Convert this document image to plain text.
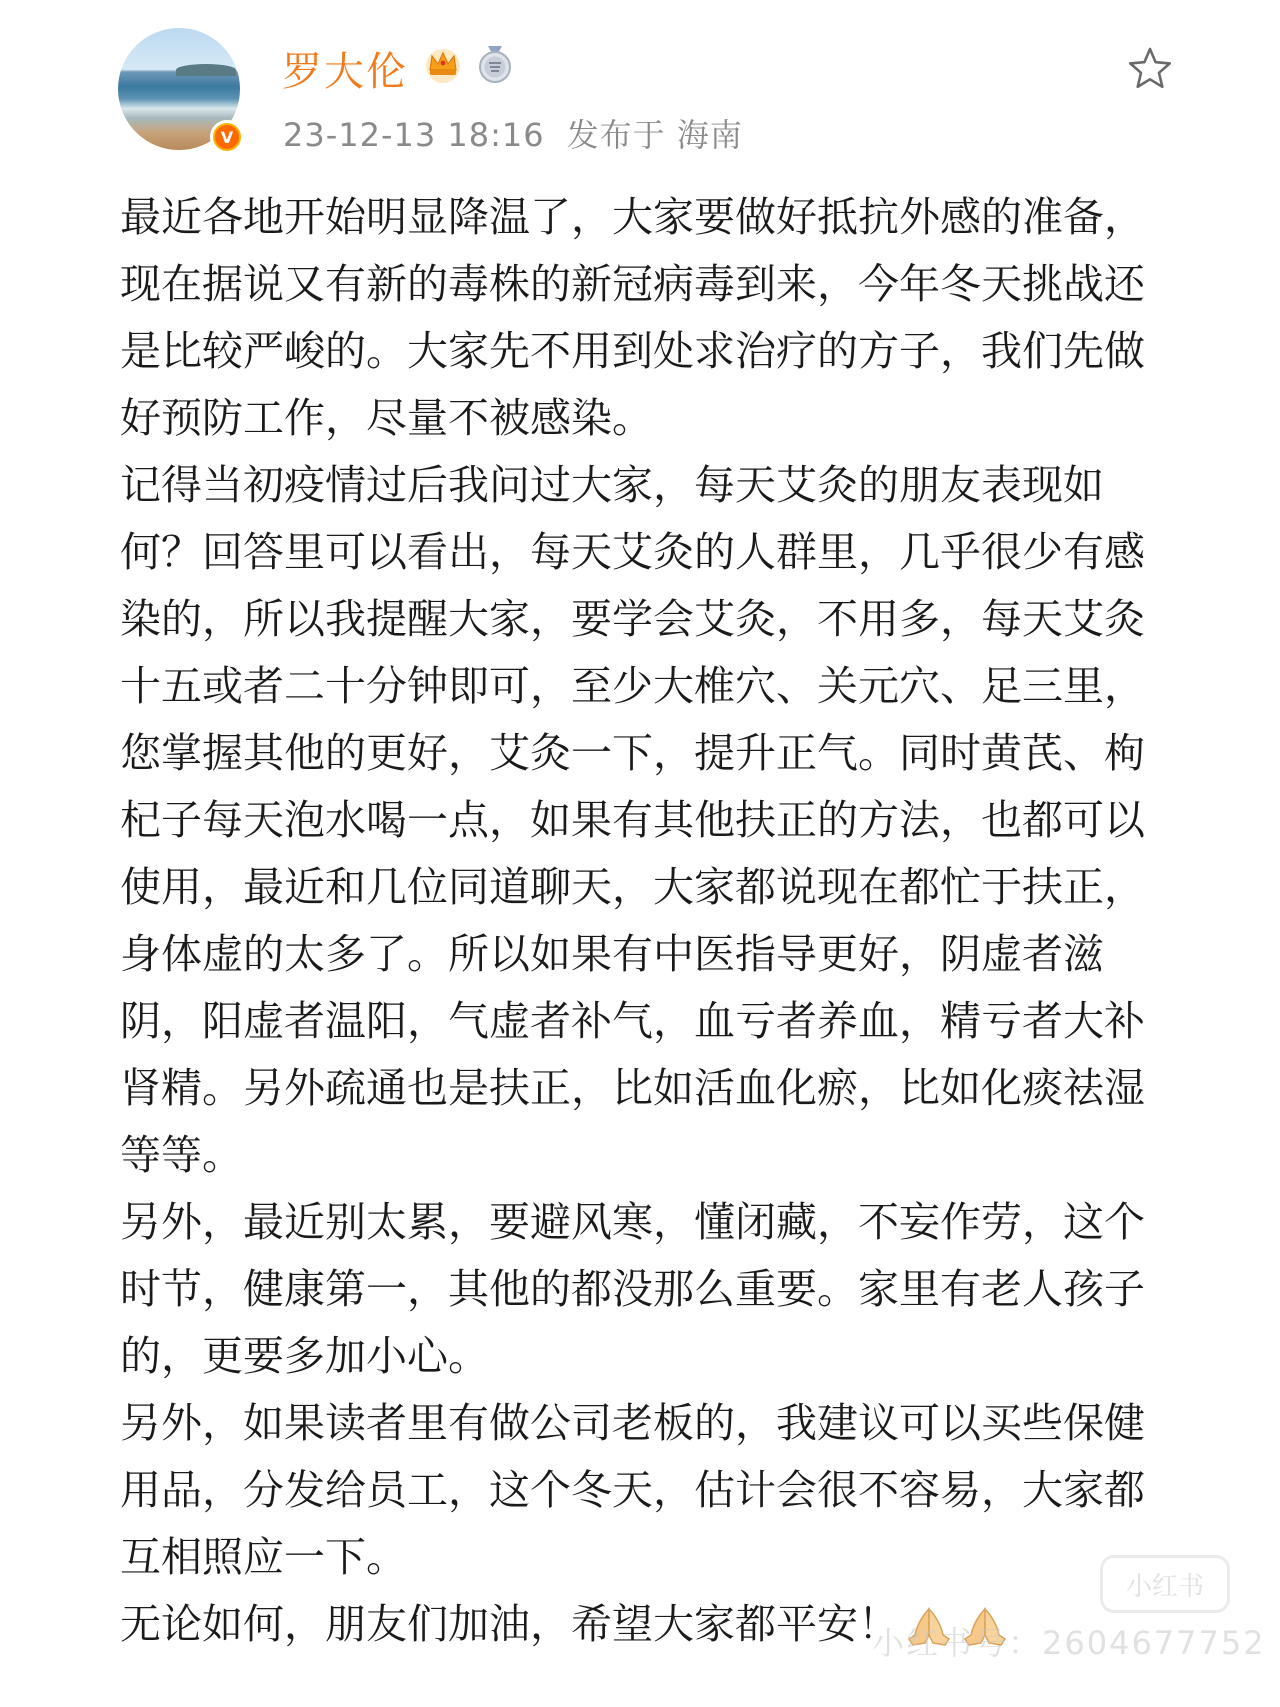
V
罗大伦
23-12-13 18:16 发布于 海南

最近各地开始明显降温了，大家要做好抵抗外感的准备，现在据说又有新的毒株的新冠病毒到来，今年冬天挑战还是比较严峻的。大家先不用到处求治疗的方子，我们先做好预防工作，尽量不被感染。

记得当初疫情过后我问过大家，每天艾灸的朋友表现如何？回答里可以看出，每天艾灸的人群里，几乎很少有感染的，所以我提醒大家，要学会艾灸，不用多，每天艾灸十五或者二十分钟即可，至少大椎穴、关元穴、足三里，您掌握其他的更好，艾灸一下，提升正气。同时黄芪、枸杞子每天泡水喝一点，如果有其他扶正的方法，也都可以使用，最近和几位同道聊天，大家都说现在都忙于扶正，身体虚的太多了。所以如果有中医指导更好，阴虚者滋阴，阳虚者温阳，气虚者补气，血亏者养血，精亏者大补肾精。另外疏通也是扶正，比如活血化瘀，比如化痰祛湿等等。

另外，最近别太累，要避风寒，懂闭藏，不妄作劳，这个时节，健康第一，其他的都没那么重要。家里有老人孩子的，更要多加小心。

另外，如果读者里有做公司老板的，我建议可以买些保健用品，分发给员工，这个冬天，估计会很不容易，大家都互相照应一下。

无论如何，朋友们加油，希望大家都平安！

小红书
小红书号：2604677752
